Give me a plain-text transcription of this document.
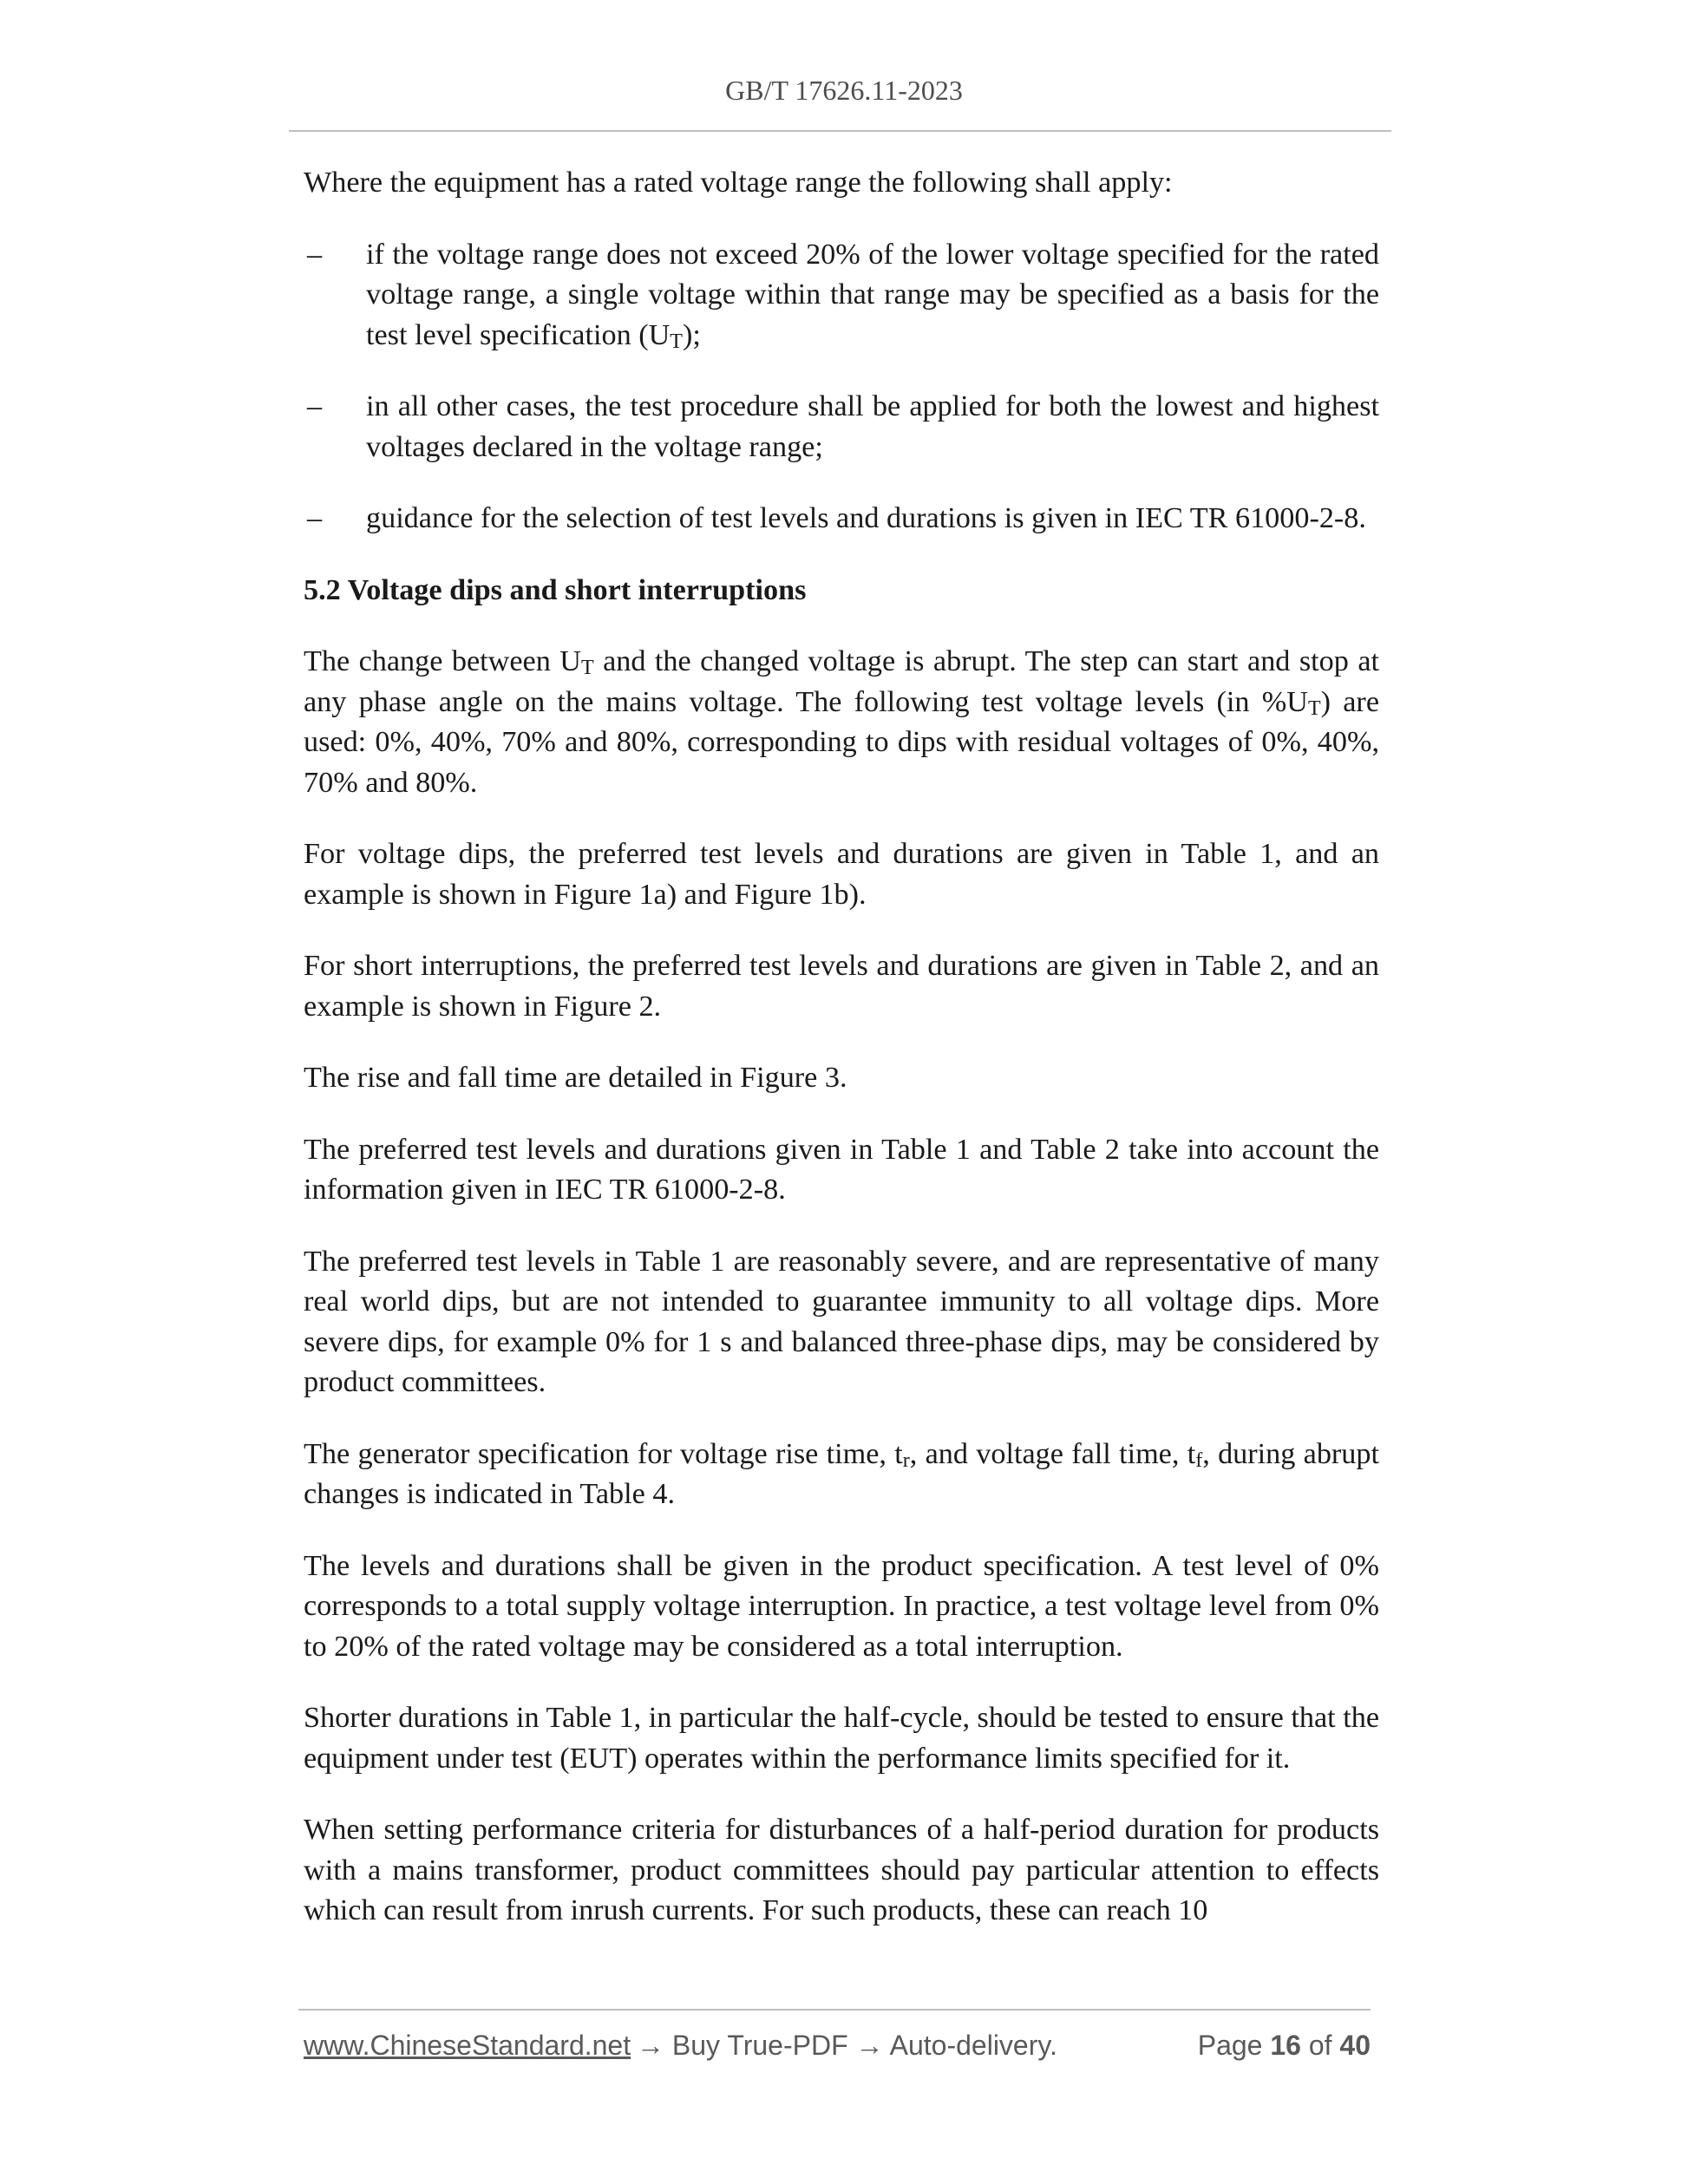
GB/T 17626.11-2023

Where the equipment has a rated voltage range the following shall apply:

– if the voltage range does not exceed 20% of the lower voltage specified for the rated voltage range, a single voltage within that range may be specified as a basis for the test level specification (UT);
– in all other cases, the test procedure shall be applied for both the lowest and highest voltages declared in the voltage range;
– guidance for the selection of test levels and durations is given in IEC TR 61000-2-8.
5.2 Voltage dips and short interruptions

The change between UT and the changed voltage is abrupt. The step can start and stop at any phase angle on the mains voltage. The following test voltage levels (in %UT) are used: 0%, 40%, 70% and 80%, corresponding to dips with residual voltages of 0%, 40%, 70% and 80%.

For voltage dips, the preferred test levels and durations are given in Table 1, and an example is shown in Figure 1a) and Figure 1b).

For short interruptions, the preferred test levels and durations are given in Table 2, and an example is shown in Figure 2.

The rise and fall time are detailed in Figure 3.

The preferred test levels and durations given in Table 1 and Table 2 take into account the information given in IEC TR 61000-2-8.

The preferred test levels in Table 1 are reasonably severe, and are representative of many real world dips, but are not intended to guarantee immunity to all voltage dips. More severe dips, for example 0% for 1 s and balanced three-phase dips, may be considered by product committees.

The generator specification for voltage rise time, tr, and voltage fall time, tf, during abrupt changes is indicated in Table 4.

The levels and durations shall be given in the product specification. A test level of 0% corresponds to a total supply voltage interruption. In practice, a test voltage level from 0% to 20% of the rated voltage may be considered as a total interruption.

Shorter durations in Table 1, in particular the half-cycle, should be tested to ensure that the equipment under test (EUT) operates within the performance limits specified for it.

When setting performance criteria for disturbances of a half-period duration for products with a mains transformer, product committees should pay particular attention to effects which can result from inrush currents. For such products, these can reach 10

www.ChineseStandard.net → Buy True-PDF → Auto-delivery.	Page 16 of 40
